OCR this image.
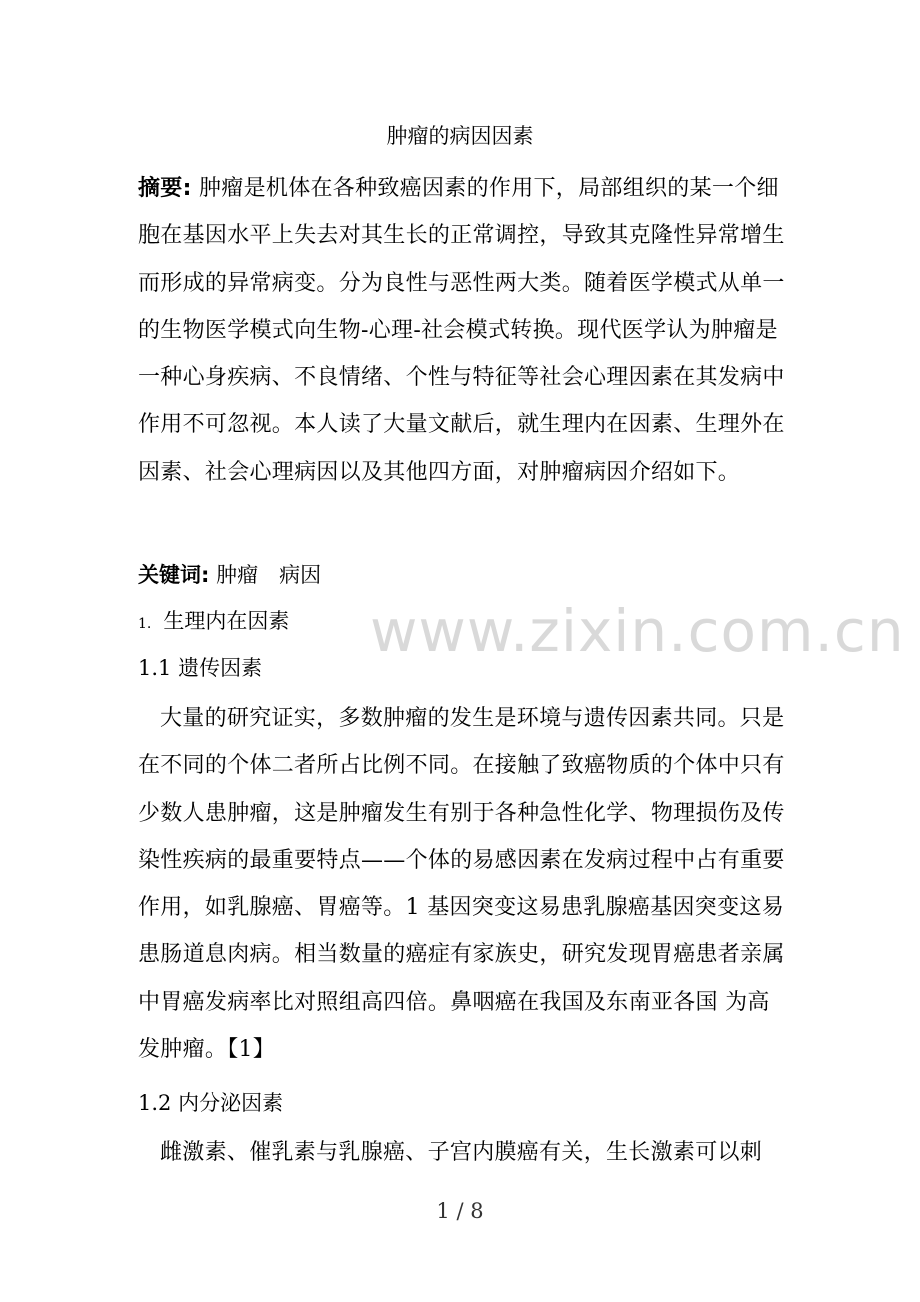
肿瘤的病因因素
摘要: 肿瘤是机体在各种致癌因素的作用下，局部组织的某一个细胞在基因水平上失去对其生长的正常调控，导致其克隆性异常增生而形成的异常病变。分为良性与恶性两大类。随着医学模式从单一的生物医学模式向生物-心理-社会模式转换。现代医学认为肿瘤是一种心身疾病、不良情绪、个性与特征等社会心理因素在其发病中作用不可忽视。本人读了大量文献后，就生理内在因素、生理外在因素、社会心理病因以及其他四方面，对肿瘤病因介绍如下。
关键词: 肿瘤　病因
1. 生理内在因素
1.1 遗传因素
大量的研究证实，多数肿瘤的发生是环境与遗传因素共同。只是在不同的个体二者所占比例不同。在接触了致癌物质的个体中只有少数人患肿瘤，这是肿瘤发生有别于各种急性化学、物理损伤及传染性疾病的最重要特点——个体的易感因素在发病过程中占有重要作用，如乳腺癌、胃癌等。1 基因突变这易患乳腺癌基因突变这易患肠道息肉病。相当数量的癌症有家族史，研究发现胃癌患者亲属中胃癌发病率比对照组高四倍。鼻咽癌在我国及东南亚各国 为高发肿瘤。【1】
1.2 内分泌因素
雌激素、催乳素与乳腺癌、子宫内膜癌有关，生长激素可以刺
www.zixin.com.cn
1 / 8
